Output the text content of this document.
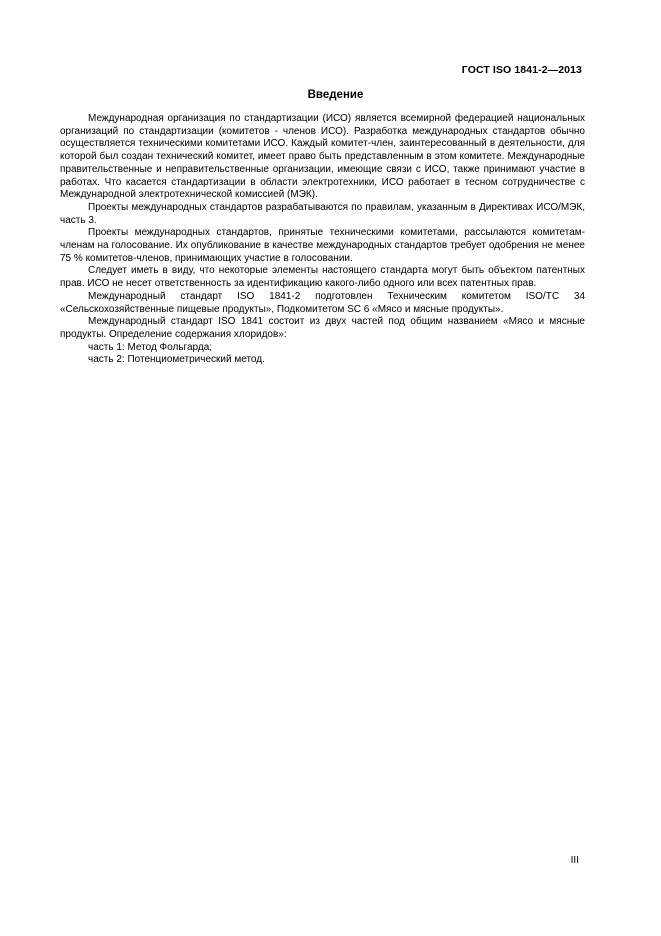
ГОСТ ISO 1841-2—2013
Введение

Международная организация по стандартизации (ИСО) является всемирной федерацией национальных организаций по стандартизации (комитетов - членов ИСО). Разработка международных стандартов обычно осуществляется техническими комитетами ИСО. Каждый комитет-член, заинтересованный в деятельности, для которой был создан технический комитет, имеет право быть представленным в этом комитете. Международные правительственные и неправительственные организации, имеющие связи с ИСО, также принимают участие в работах. Что касается стандартизации в области электротехники, ИСО работает в тесном сотрудничестве с Международной электротехнической комиссией (МЭК).

Проекты международных стандартов разрабатываются по правилам, указанным в Директивах ИСО/МЭК, часть 3.

Проекты международных стандартов, принятые техническими комитетами, рассылаются комитетам-членам на голосование. Их опубликование в качестве международных стандартов требует одобрения не менее 75 % комитетов-членов, принимающих участие в голосовании.

Следует иметь в виду, что некоторые элементы настоящего стандарта могут быть объектом патентных прав. ИСО не несет ответственность за идентификацию какого-либо одного или всех патентных прав.

Международный стандарт ISO 1841-2 подготовлен Техническим комитетом ISO/TC 34 «Сельскохозяйственные пищевые продукты», Подкомитетом SC 6 «Мясо и мясные продукты».

Международный стандарт ISO 1841 состоит из двух частей под общим названием «Мясо и мясные продукты. Определение содержания хлоридов»:

часть 1: Метод Фольгарда;

часть 2: Потенциометрический метод.

III
